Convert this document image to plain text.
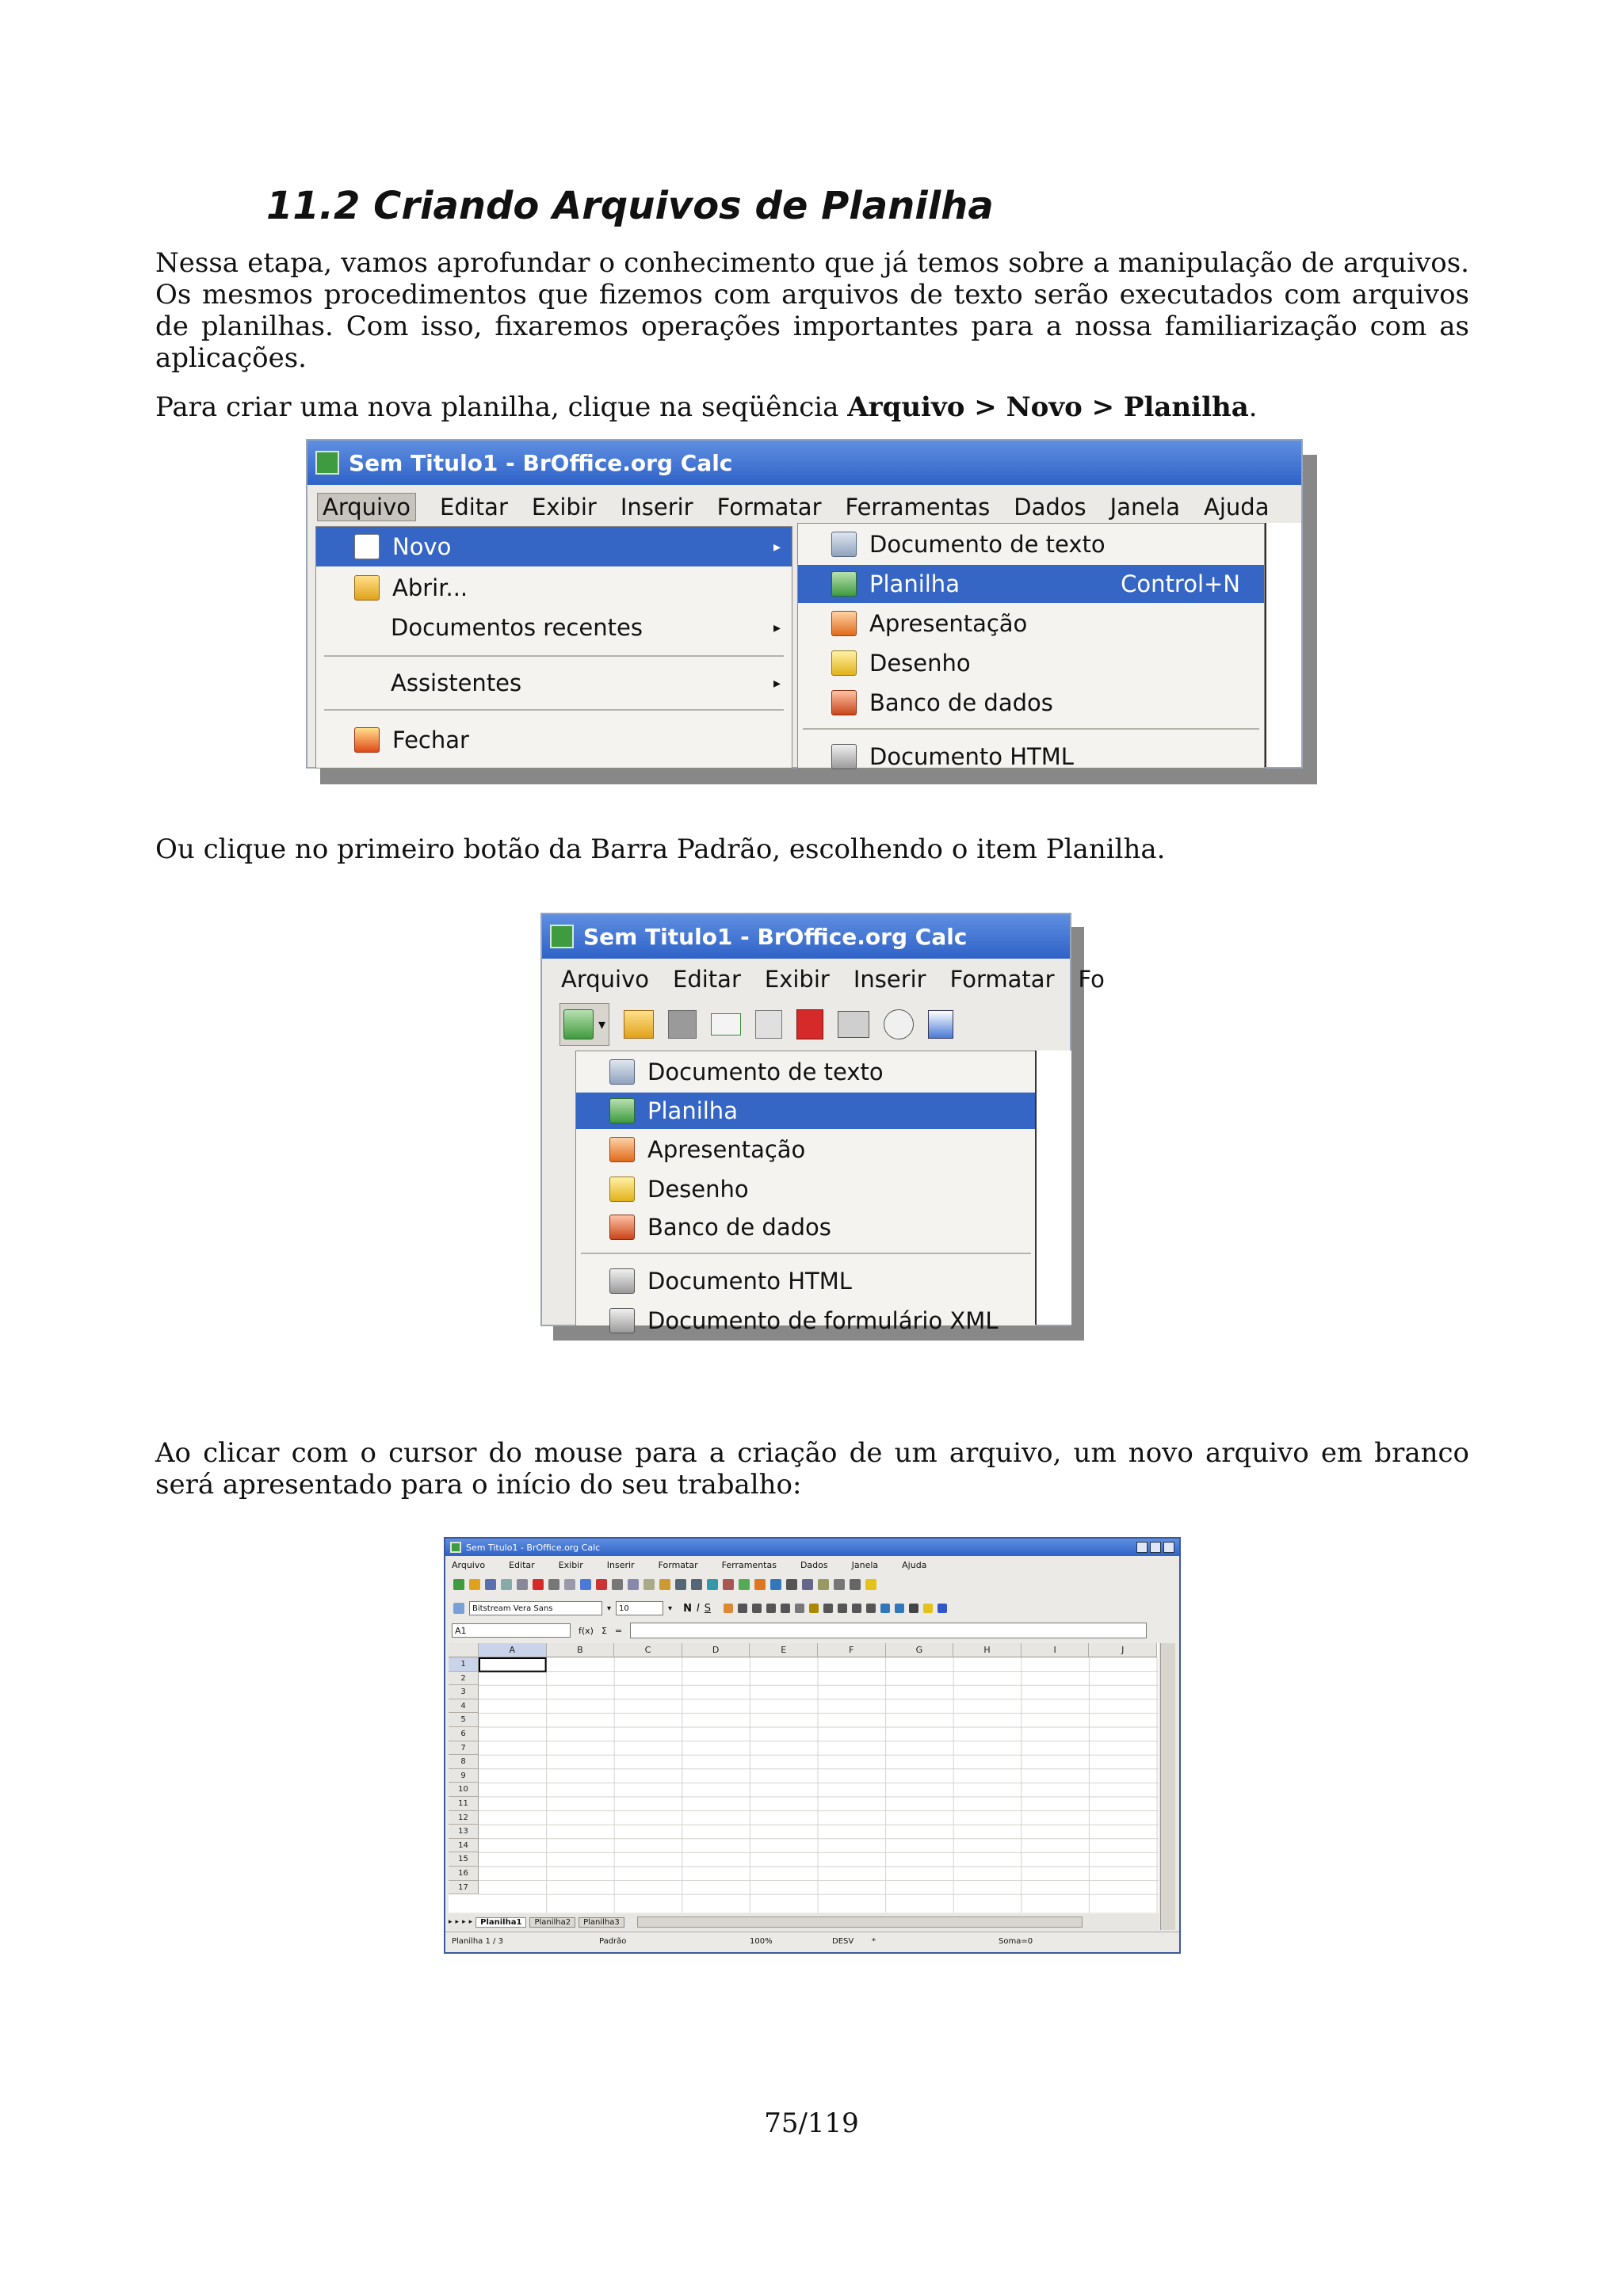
11.2 Criando Arquivos de Planilha

Nessa etapa, vamos aprofundar o conhecimento que já temos sobre a manipulação de arquivos. Os mesmos procedimentos que fizemos com arquivos de texto serão executados com arquivos de planilhas. Com isso, fixaremos operações importantes para a nossa familiarização com as aplicações.

Para criar uma nova planilha, clique na seqüência Arquivo > Novo > Planilha.

Sem Titulo1 - BrOffice.org Calc
Arquivo Editar Exibir Inserir Formatar Ferramentas Dados Janela Ajuda
Novo	▸
Abrir...
Documentos recentes	▸
Assistentes	▸
Fechar
Documento de texto
Planilha	Control+N
Apresentação
Desenho
Banco de dados
Documento HTML

Ou clique no primeiro botão da Barra Padrão, escolhendo o item Planilha.

Sem Titulo1 - BrOffice.org Calc
Arquivo Editar Exibir Inserir Formatar Fo
▾
Documento de texto
Planilha
Apresentação
Desenho
Banco de dados
Documento HTML
Documento de formulário XML

Ao clicar com o cursor do mouse para a criação de um arquivo, um novo arquivo em branco será apresentado para o início do seu trabalho:

Sem Titulo1 - BrOffice.org Calc
Arquivo	Editar	Exibir	Inserir	Formatar	Ferramentas	Dados	Janela	Ajuda
Bitstream Vera Sans	▾	10	▾ N I S
A1	f(x) Σ =
A	B	C	D	E	F	G	H	I	J
1
2
3
4
5
6
7
8
9
10
11
12
13
14
15
16
17
▸ ▸ ▸ ▸	Planilha1	Planilha2	Planilha3
Planilha 1 / 3	Padrão	100%	DESV	*	Soma=0
75/119
